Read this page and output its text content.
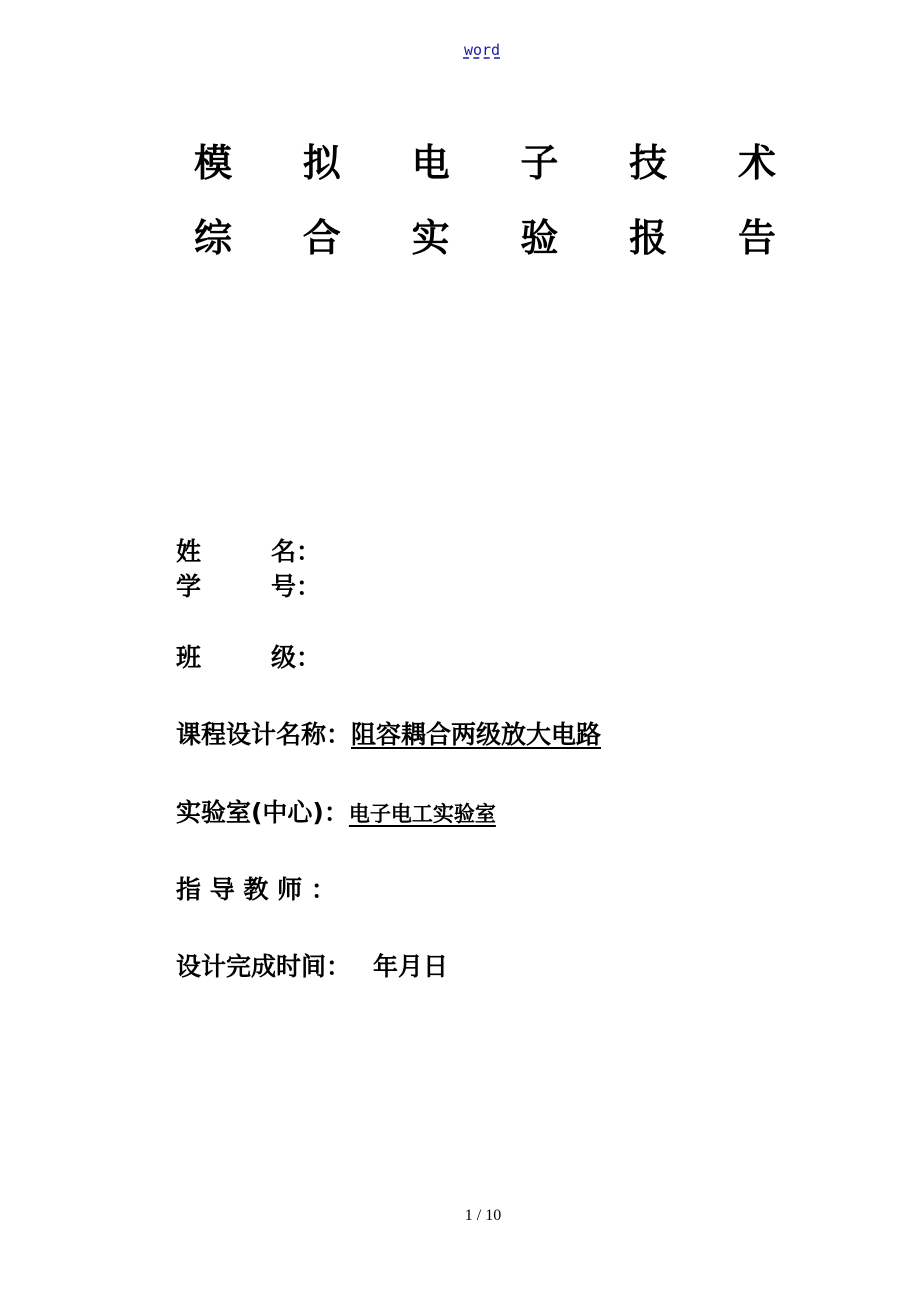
word
模 拟 电 子 技 术
综 合 实 验 报 告
姓	名：
学	号：
班	级：
课程设计名称：阻容耦合两级放大电路
实验室(中心)：电子电工实验室
指 导 教 师 ：
设计完成时间： 年月日
1 / 10
